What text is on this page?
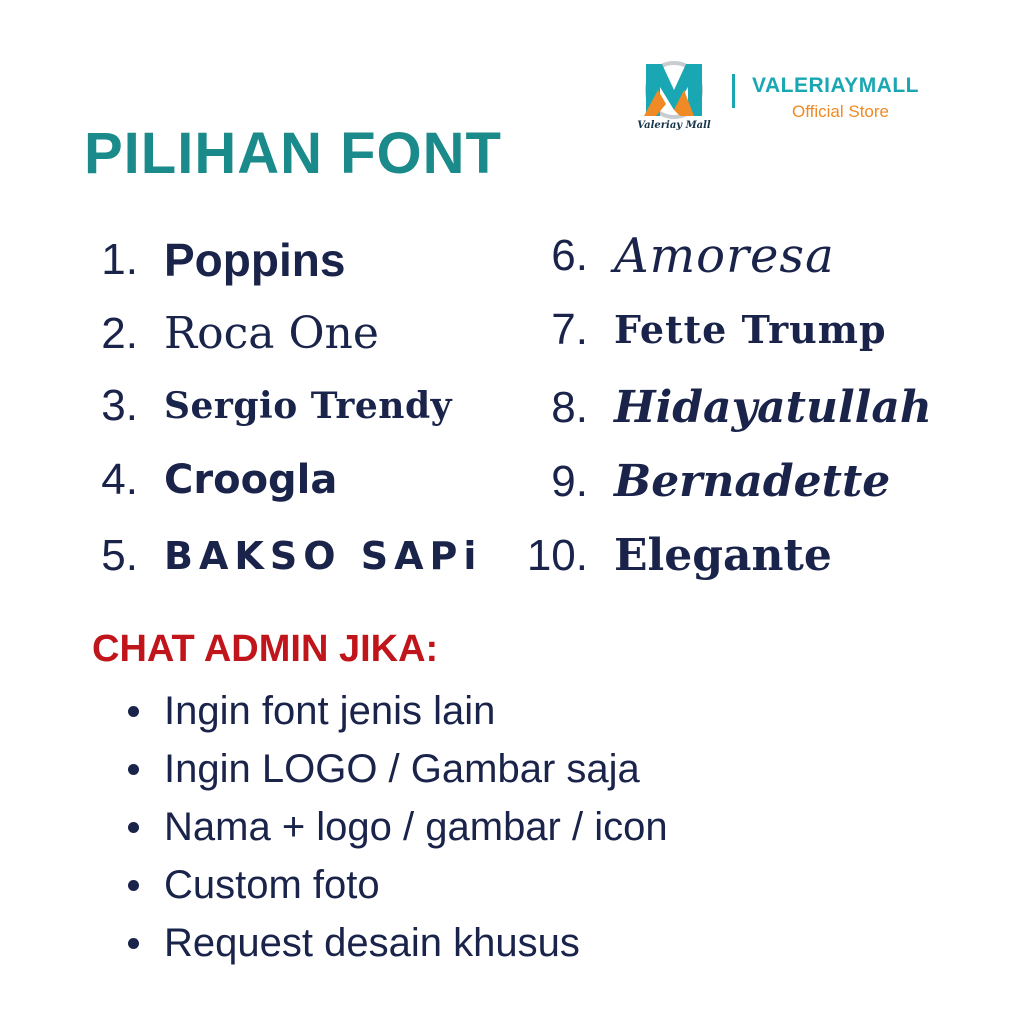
Valeriay Mall
VALERIAYMALL
Official Store
PILIHAN FONT
1. Poppins
2. Roca One
3. Sergio Trendy
4. Croogla
5. BAKSO SAPi
6. Amoresa
7. Fette Trump
8. Hidayatullah
9. Bernadette
10. Elegante
CHAT ADMIN JIKA:
Ingin font jenis lain
Ingin LOGO / Gambar saja
Nama + logo / gambar / icon
Custom foto
Request desain khusus
